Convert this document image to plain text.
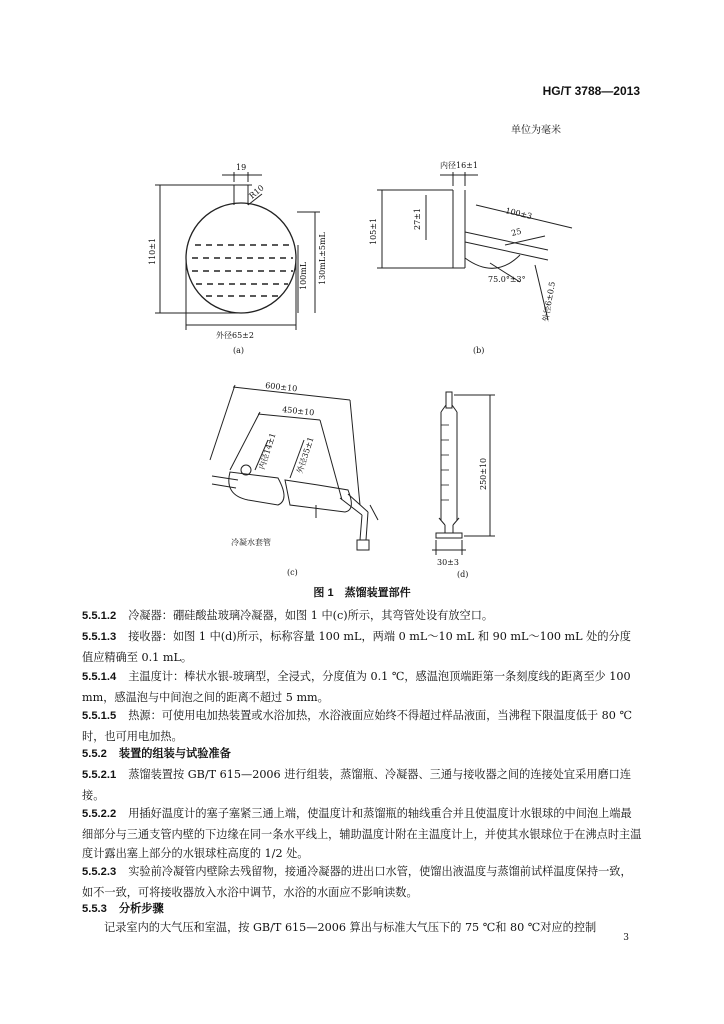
HG/T 3788—2013
单位为毫米
19
R10
110±1	130mL±5mL
100mL
外径65±2
(a)
内径16±1
105±1	27±1	100±3
25
75.0°±3°
外径6±0.5
(b)
600±10
450±10
内径14±1 外径35±1
冷凝水套管
(c)
250±10
30±3
(d)
图 1　蒸馏装置部件
5.5.1.2 冷凝器：硼硅酸盐玻璃冷凝器，如图 1 中(c)所示，其弯管处设有放空口。
5.5.1.3 接收器：如图 1 中(d)所示，标称容量 100 mL，两端 0 mL～10 mL 和 90 mL～100 mL 处的分度值应精确至 0.1 mL。
5.5.1.4 主温度计：棒状水银-玻璃型，全浸式，分度值为 0.1 ℃，感温泡顶端距第一条刻度线的距离至少 100 mm，感温泡与中间泡之间的距离不超过 5 mm。
5.5.1.5 热源：可使用电加热装置或水浴加热，水浴液面应始终不得超过样品液面，当沸程下限温度低于 80 ℃时，也可用电加热。
5.5.2 装置的组装与试验准备
5.5.2.1 蒸馏装置按 GB/T 615—2006 进行组装，蒸馏瓶、冷凝器、三通与接收器之间的连接处宜采用磨口连接。
5.5.2.2 用插好温度计的塞子塞紧三通上端，使温度计和蒸馏瓶的轴线重合并且使温度计水银球的中间泡上端最细部分与三通支管内壁的下边缘在同一条水平线上，辅助温度计附在主温度计上，并使其水银球位于在沸点时主温度计露出塞上部分的水银球柱高度的 1/2 处。
5.5.2.3 实验前冷凝管内壁除去残留物，接通冷凝器的进出口水管，使馏出液温度与蒸馏前试样温度保持一致，如不一致，可将接收器放入水浴中调节，水浴的水面应不影响读数。
5.5.3 分析步骤
记录室内的大气压和室温，按 GB/T 615—2006 算出与标准大气压下的 75 ℃和 80 ℃对应的控制
3
